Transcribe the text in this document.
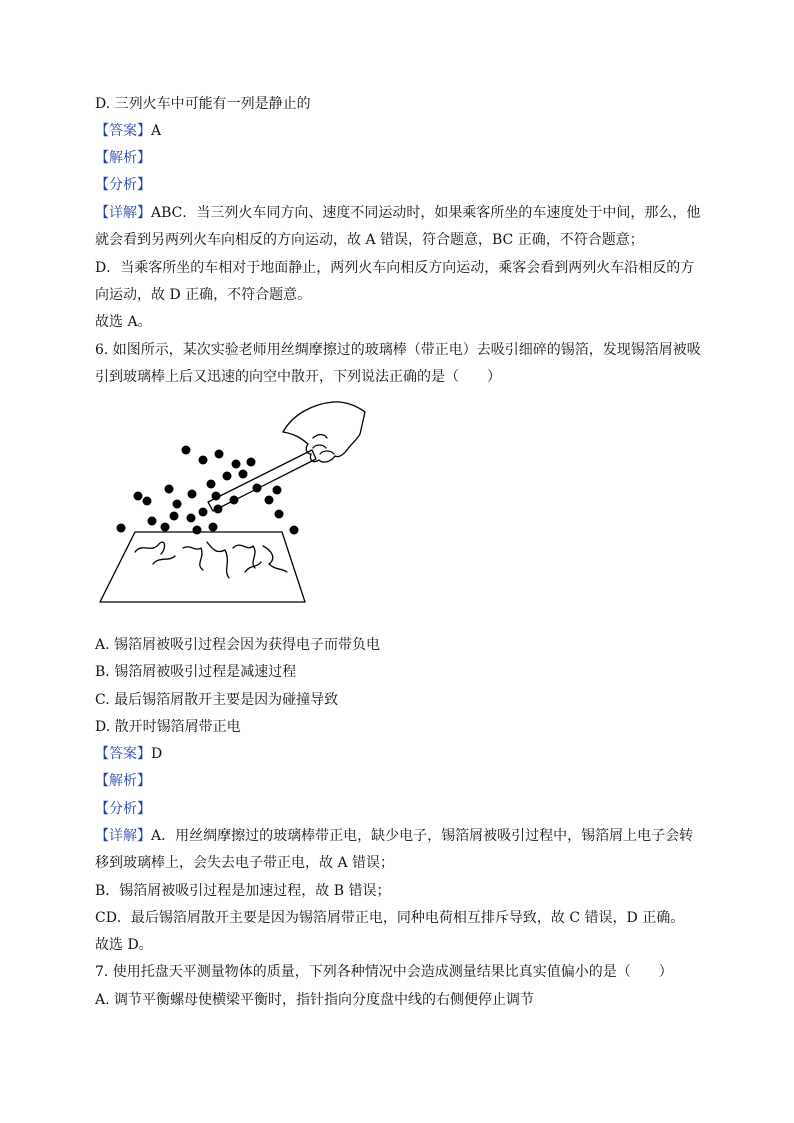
D. 三列火车中可能有一列是静止的
【答案】A
【解析】
【分析】
【详解】ABC．当三列火车同方向、速度不同运动时，如果乘客所坐的车速度处于中间，那么，他
就会看到另两列火车向相反的方向运动，故 A 错误，符合题意，BC 正确，不符合题意；
D．当乘客所坐的车相对于地面静止，两列火车向相反方向运动，乘客会看到两列火车沿相反的方
向运动，故 D 正确，不符合题意。
故选 A。
6. 如图所示，某次实验老师用丝绸摩擦过的玻璃棒（带正电）去吸引细碎的锡箔，发现锡箔屑被吸
引到玻璃棒上后又迅速的向空中散开，下列说法正确的是（　　）
A. 锡箔屑被吸引过程会因为获得电子而带负电
B. 锡箔屑被吸引过程是减速过程
C. 最后锡箔屑散开主要是因为碰撞导致
D. 散开时锡箔屑带正电
【答案】D
【解析】
【分析】
【详解】A．用丝绸摩擦过的玻璃棒带正电，缺少电子，锡箔屑被吸引过程中，锡箔屑上电子会转
移到玻璃棒上，会失去电子带正电，故 A 错误；
B．锡箔屑被吸引过程是加速过程，故 B 错误；
CD．最后锡箔屑散开主要是因为锡箔屑带正电，同种电荷相互排斥导致，故 C 错误，D 正确。
故选 D。
7. 使用托盘天平测量物体的质量，下列各种情况中会造成测量结果比真实值偏小的是（　　）
A. 调节平衡螺母使横梁平衡时，指针指向分度盘中线的右侧便停止调节
